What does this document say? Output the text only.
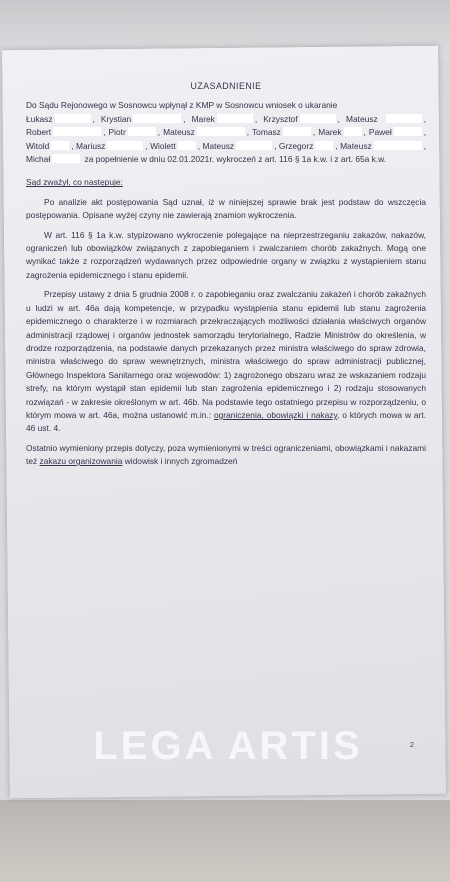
UZASADNIENIE

Do Sądu Rejonowego w Sosnowcu wpłynął z KMP w Sosnowcu wniosek o ukaranie
Łukasz	, Krystian	, Marek	, Krzysztof	, Mateusz	, Robert	, Piotr	, Mateusz	, Tomasz	, Marek	, Paweł	, Witold	, Mariusz	, Wiolett	, Mateusz	, Grzegorz	, Mateusz	, Michał	za popełnienie w dniu 02.01.2021r. wykroczeń z art. 116 § 1a k.w. i z art. 65a k.w.

Sąd zważył, co następuje:

Po analizie akt postępowania Sąd uznał, iż w niniejszej sprawie brak jest podstaw do wszczęcia postępowania. Opisane wyżej czyny nie zawierają znamion wykroczenia.

W art. 116 § 1a k.w. stypizowano wykroczenie polegające na nieprzestrzeganiu zakazów, nakazów, ograniczeń lub obowiązków związanych z zapobieganiem i zwalczaniem chorób zakaźnych. Mogą one wynikać także z rozporządzeń wydawanych przez odpowiednie organy w związku z wystąpieniem stanu zagrożenia epidemicznego i stanu epidemii.

Przepisy ustawy z dnia 5 grudnia 2008 r. o zapobieganiu oraz zwalczaniu zakażeń i chorób zakaźnych u ludzi w art. 46a dają kompetencje, w przypadku wystąpienia stanu epidemii lub stanu zagrożenia epidemicznego o charakterze i w rozmiarach przekraczających możliwości działania właściwych organów administracji rządowej i organów jednostek samorządu terytorialnego, Radzie Ministrów do określenia, w drodze rozporządzenia, na podstawie danych przekazanych przez ministra właściwego do spraw zdrowia, ministra właściwego do spraw wewnętrznych, ministra właściwego do spraw administracji publicznej, Głównego Inspektora Sanitarnego oraz wojewodów: 1) zagrożonego obszaru wraz ze wskazaniem rodzaju strefy, na którym wystąpił stan epidemii lub stan zagrożenia epidemicznego i 2) rodzaju stosowanych rozwiązań - w zakresie określonym w art. 46b. Na podstawie tego ostatniego przepisu w rozporządzeniu, o którym mowa w art. 46a, można ustanowić m.in.: ograniczenia, obowiązki i nakazy, o których mowa w art. 46 ust. 4.

Ostatnio wymieniony przepis dotyczy, poza wymienionymi w treści ograniczeniami, obowiązkami i nakazami też zakazu organizowania widowisk i innych zgromadzeń

2
LEGA ARTIS
